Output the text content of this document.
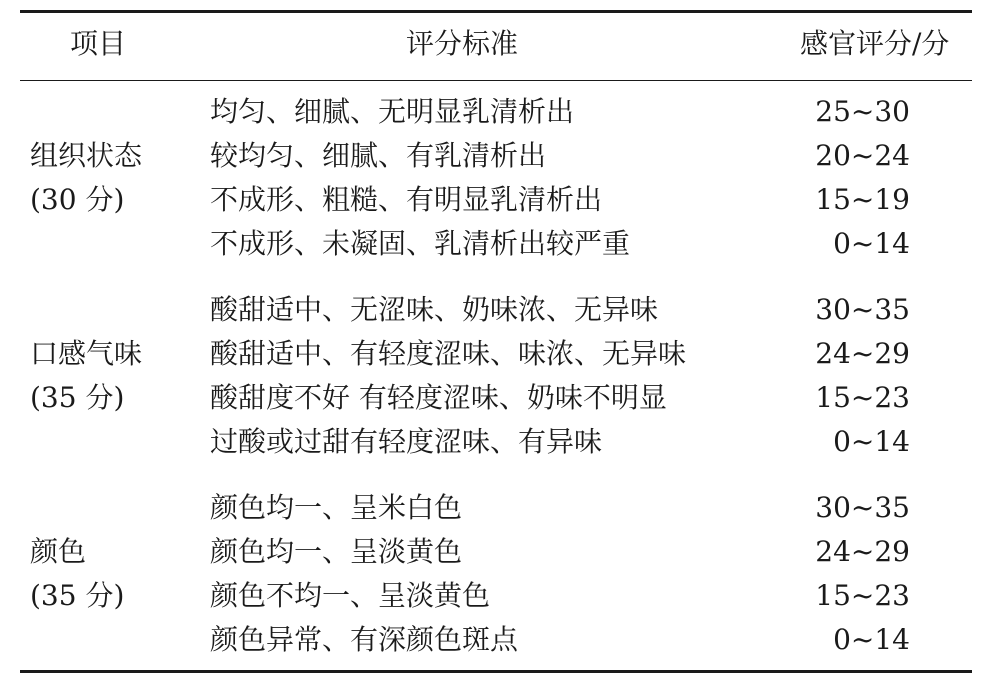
项目	评分标准	感官评分/分
组织状态
(30 分)
均匀、细腻、无明显乳清析出	25~30
较均匀、细腻、有乳清析出	20~24
不成形、粗糙、有明显乳清析出	15~19
不成形、未凝固、乳清析出较严重	0~14
口感气味
(35 分)
酸甜适中、无涩味、奶味浓、无异味	30~35
酸甜适中、有轻度涩味、味浓、无异味	24~29
酸甜度不好 有轻度涩味、奶味不明显	15~23
过酸或过甜有轻度涩味、有异味	0~14
颜色
(35 分)
颜色均一、呈米白色	30~35
颜色均一、呈淡黄色	24~29
颜色不均一、呈淡黄色	15~23
颜色异常、有深颜色斑点	0~14
